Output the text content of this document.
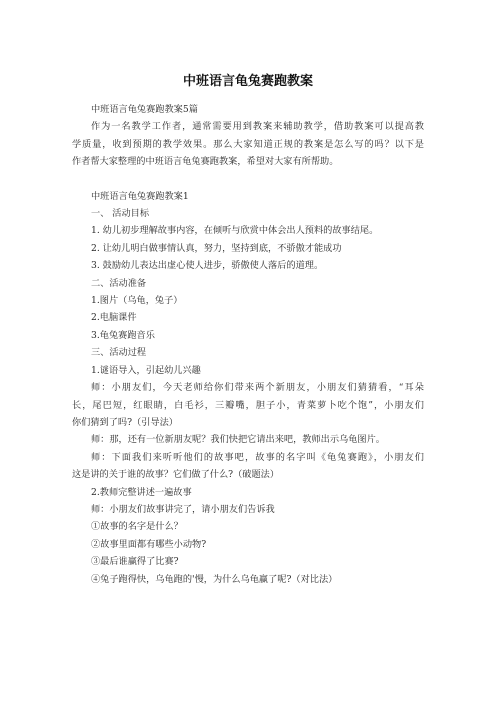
中班语言龟兔赛跑教案
中班语言龟兔赛跑教案5篇
作为一名教学工作者，通常需要用到教案来辅助教学，借助教案可以提高教
学质量，收到预期的教学效果。那么大家知道正规的教案是怎么写的吗？以下是
作者帮大家整理的中班语言龟兔赛跑教案，希望对大家有所帮助。
中班语言龟兔赛跑教案1
一、 活动目标
1. 幼儿初步理解故事内容，在倾听与欣赏中体会出人预料的故事结尾。
2. 让幼儿明白做事情认真，努力，坚持到底，不骄傲才能成功
3. 鼓励幼儿表达出虚心使人进步，骄傲使人落后的道理。
二、活动准备
1.图片（乌龟，兔子）
2.电脑课件
3.龟兔赛跑音乐
三、活动过程
1.谜语导入，引起幼儿兴趣
师：小朋友们，今天老师给你们带来两个新朋友，小朋友们猜猜看，“耳朵
长，尾巴短，红眼睛，白毛衫，三瓣嘴，胆子小，青菜萝卜吃个饱”，小朋友们
你们猜到了吗?（引导法）
师：那，还有一位新朋友呢？我们快把它请出来吧，教师出示乌龟图片。
师：下面我们来听听他们的故事吧，故事的名字叫《龟兔赛跑》，小朋友们
这是讲的关于谁的故事？它们做了什么?（破题法）
2.教师完整讲述一遍故事
师：小朋友们故事讲完了，请小朋友们告诉我
①故事的名字是什么？
②故事里面都有哪些小动物?
③最后谁赢得了比赛?
④兔子跑得快，乌龟跑的'慢，为什么乌龟赢了呢?（对比法）
